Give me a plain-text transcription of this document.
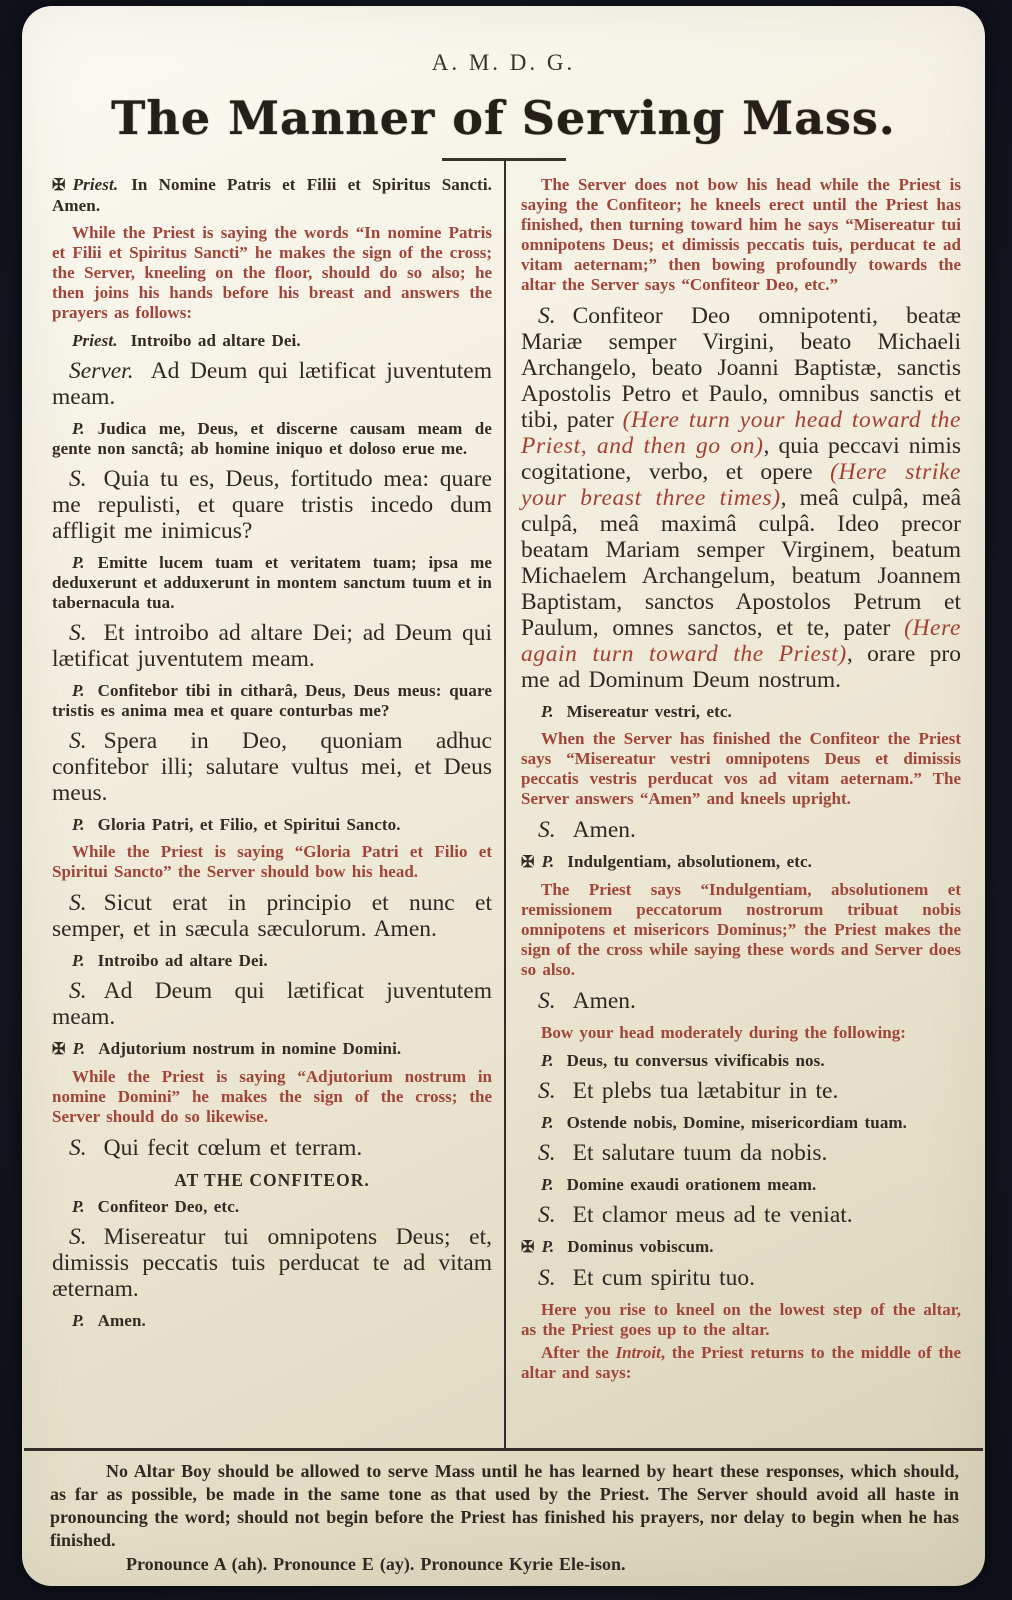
A. M. D. G.
The Manner of Serving Mass.

✠ Priest. In Nomine Patris et Filii et Spiritus Sancti. Amen.

While the Priest is saying the words “In nomine Patris et Filii et Spiritus Sancti” he makes the sign of the cross; the Server, kneeling on the floor, should do so also; he then joins his hands before his breast and answers the prayers as follows:

Priest. Introibo ad altare Dei.

Server. Ad Deum qui lætificat juventutem meam.

P. Judica me, Deus, et discerne causam meam de gente non sanctâ; ab homine iniquo et doloso erue me.

S. Quia tu es, Deus, fortitudo mea: quare me repulisti, et quare tristis incedo dum affligit me inimicus?

P. Emitte lucem tuam et veritatem tuam; ipsa me deduxerunt et adduxerunt in montem sanctum tuum et in tabernacula tua.

S. Et introibo ad altare Dei; ad Deum qui lætificat juventutem meam.

P. Confitebor tibi in citharâ, Deus, Deus meus: quare tristis es anima mea et quare conturbas me?

S. Spera in Deo, quoniam adhuc confitebor illi; salutare vultus mei, et Deus meus.

P. Gloria Patri, et Filio, et Spiritui Sancto.

While the Priest is saying “Gloria Patri et Filio et Spiritui Sancto” the Server should bow his head.

S. Sicut erat in principio et nunc et semper, et in sæcula sæculorum. Amen.

P. Introibo ad altare Dei.

S. Ad Deum qui lætificat juventutem meam.

✠ P. Adjutorium nostrum in nomine Domini.

While the Priest is saying “Adjutorium nostrum in nomine Domini” he makes the sign of the cross; the Server should do so likewise.

S. Qui fecit cœlum et terram.

AT THE CONFITEOR.

P. Confiteor Deo, etc.

S. Misereatur tui omnipotens Deus; et, dimissis peccatis tuis perducat te ad vitam æternam.

P. Amen.

The Server does not bow his head while the Priest is saying the Confiteor; he kneels erect until the Priest has finished, then turning toward him he says “Misereatur tui omnipotens Deus; et dimissis peccatis tuis, perducat te ad vitam aeternam;” then bowing profoundly towards the altar the Server says “Confiteor Deo, etc.”

S. Confiteor Deo omnipotenti, beatæ Mariæ semper Virgini, beato Michaeli Archangelo, beato Joanni Baptistæ, sanctis Apostolis Petro et Paulo, omnibus sanctis et tibi, pater (Here turn your head toward the Priest, and then go on), quia peccavi nimis cogitatione, verbo, et opere (Here strike your breast three times), meâ culpâ, meâ culpâ, meâ maximâ culpâ. Ideo precor beatam Mariam semper Virginem, beatum Michaelem Archangelum, beatum Joannem Baptistam, sanctos Apostolos Petrum et Paulum, omnes sanctos, et te, pater (Here again turn toward the Priest), orare pro me ad Dominum Deum nostrum.

P. Misereatur vestri, etc.

When the Server has finished the Confiteor the Priest says “Misereatur vestri omnipotens Deus et dimissis peccatis vestris perducat vos ad vitam aeternam.” The Server answers “Amen” and kneels upright.

S. Amen.

✠ P. Indulgentiam, absolutionem, etc.

The Priest says “Indulgentiam, absolutionem et remissionem peccatorum nostrorum tribuat nobis omnipotens et misericors Dominus;” the Priest makes the sign of the cross while saying these words and Server does so also.

S. Amen.

Bow your head moderately during the following:

P. Deus, tu conversus vivificabis nos.

S. Et plebs tua lætabitur in te.

P. Ostende nobis, Domine, misericordiam tuam.

S. Et salutare tuum da nobis.

P. Domine exaudi orationem meam.

S. Et clamor meus ad te veniat.

✠ P. Dominus vobiscum.

S. Et cum spiritu tuo.

Here you rise to kneel on the lowest step of the altar, as the Priest goes up to the altar.

After the Introit, the Priest returns to the middle of the altar and says:

No Altar Boy should be allowed to serve Mass until he has learned by heart these responses, which should, as far as possible, be made in the same tone as that used by the Priest. The Server should avoid all haste in pronouncing the word; should not begin before the Priest has finished his prayers, nor delay to begin when he has finished.

Pronounce A (ah). Pronounce E (ay). Pronounce Kyrie Ele-ison.
